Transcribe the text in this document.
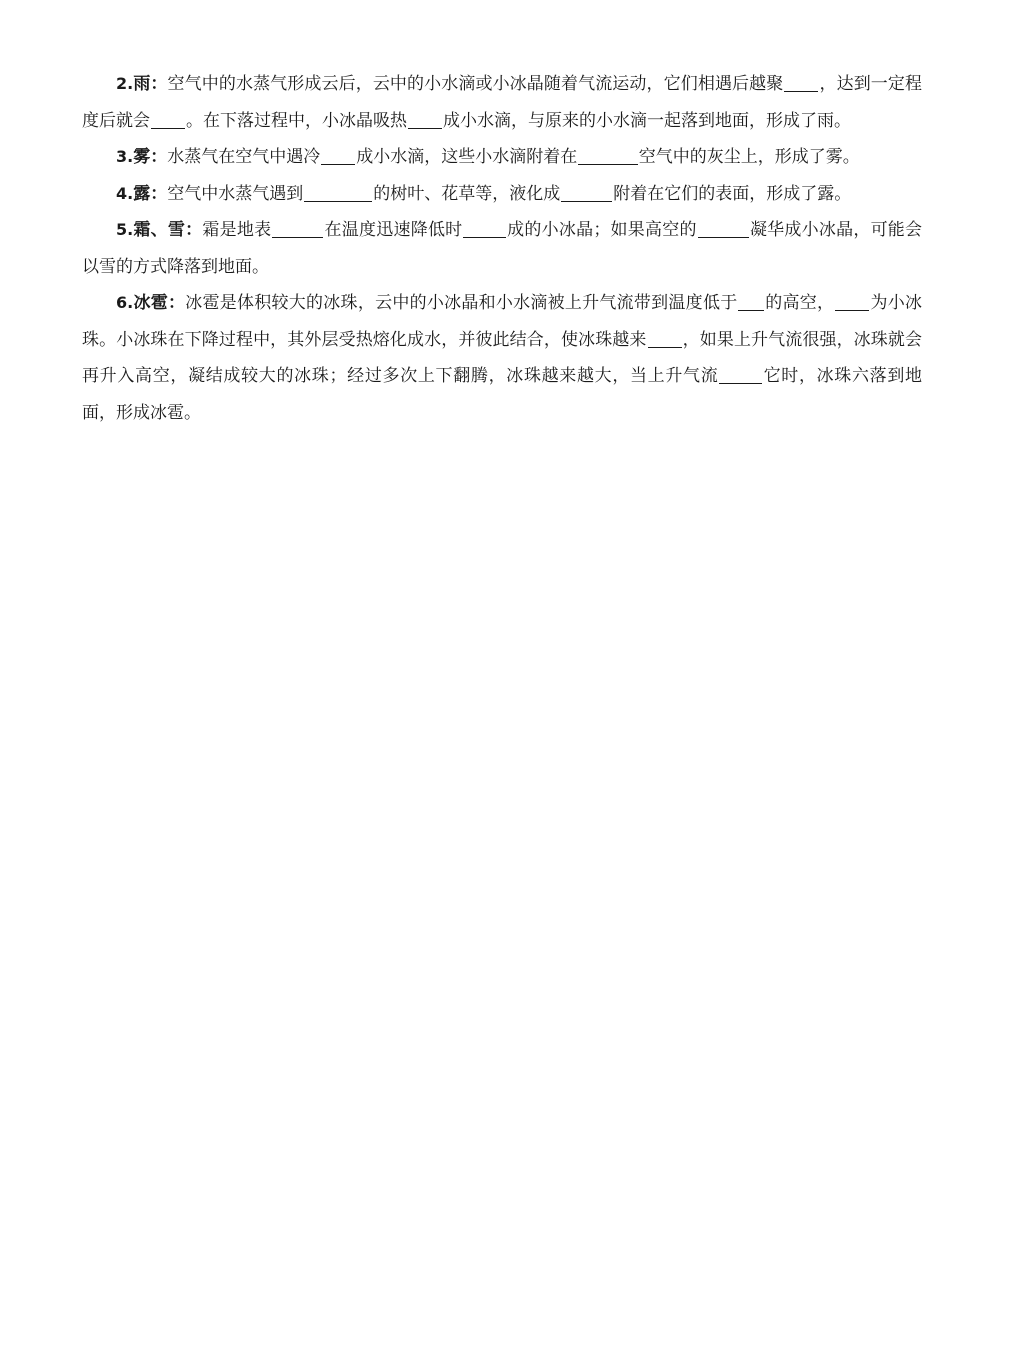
2.雨：空气中的水蒸气形成云后，云中的小水滴或小冰晶随着气流运动，它们相遇后越聚 ，达到一定程度后就会 。在下落过程中，小冰晶吸热 成小水滴，与原来的小水滴一起落到地面，形成了雨。

3.雾：水蒸气在空气中遇冷 成小水滴，这些小水滴附着在	空气中的灰尘上，形成了雾。

4.露：空气中水蒸气遇到	的树叶、花草等，液化成	附着在它们的表面，形成了露。

5.霜、雪：霜是地表	在温度迅速降低时	成的小冰晶；如果高空的	凝华成小冰晶，可能会以雪的方式降落到地面。

6.冰雹：冰雹是体积较大的冰珠，云中的小冰晶和小水滴被上升气流带到温度低于 的高空， 为小冰珠。小冰珠在下降过程中，其外层受热熔化成水，并彼此结合，使冰珠越来 ，如果上升气流很强，冰珠就会再升入高空，凝结成较大的冰珠；经过多次上下翻腾，冰珠越来越大，当上升气流	它时，冰珠六落到地面，形成冰雹。
